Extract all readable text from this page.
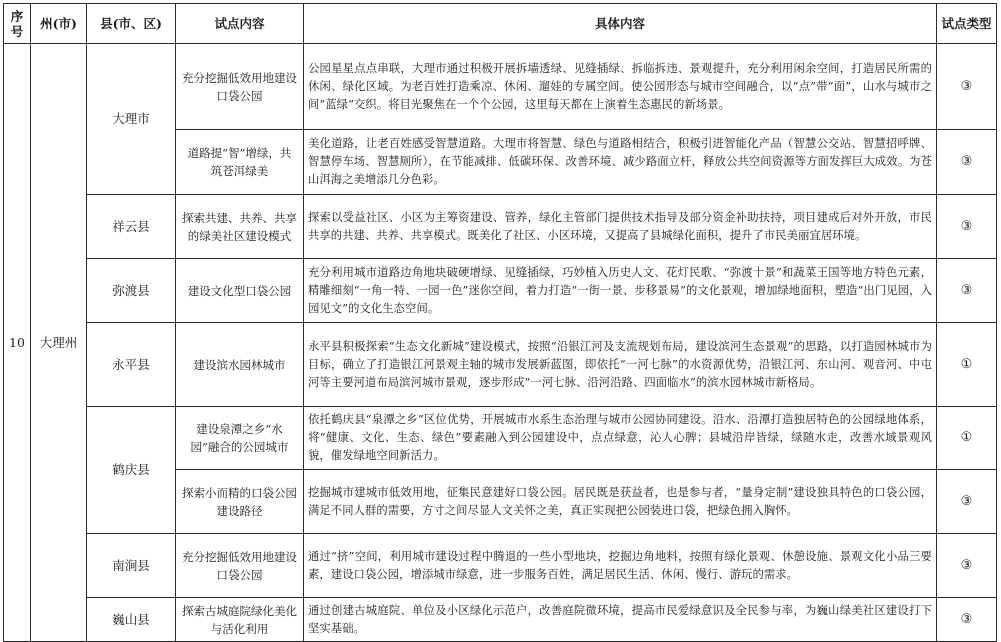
序号	州(市)	县(市、区)	试点内容	具体内容	试点类型
10	大理州	大理市	充分挖掘低效用地建设口袋公园	公园星星点点串联，大理市通过积极开展拆墙透绿、见缝插绿、拆临拆违、景观提升，充分利用闲余空间，打造居民所需的休闲、绿化区域。为老百姓打造乘凉、休闲、遛娃的专属空间。使公园形态与城市空间融合，以“点”带“面”，山水与城市之间“蓝绿”交织。将目光聚焦在一个个公园，这里每天都在上演着生态惠民的新场景。	③
			道路提“智”增绿，共筑苍洱绿美	美化道路，让老百姓感受智慧道路。大理市将智慧、绿色与道路相结合，积极引进智能化产品（智慧公交站、智慧招呼牌、智慧停车场、智慧厕所），在节能减排、低碳环保、改善环境、减少路面立杆，释放公共空间资源等方面发挥巨大成效。为苍山洱海之美增添几分色彩。	③
		祥云县	探索共建、共养、共享的绿美社区建设模式	探索以受益社区、小区为主筹资建设、管养，绿化主管部门提供技术指导及部分资金补助扶持，项目建成后对外开放，市民共享的共建、共养、共享模式。既美化了社区、小区环境，又提高了县城绿化面积，提升了市民美丽宜居环境。	③
		弥渡县	建设文化型口袋公园	充分利用城市道路边角地块破硬增绿、见缝插绿，巧妙植入历史人文、花灯民歌、“弥渡十景”和蔬菜王国等地方特色元素，精雕细刻“一角一特、一园一色”迷你空间，着力打造“一街一景、步移景易”的文化景观，增加绿地面积，塑造“出门见园，入园见文”的文化生态空间。	③
		永平县	建设滨水园林城市	永平县积极探索“生态文化新城”建设模式，按照“沿银江河及支流规划布局，建设滨河生态景观”的思路，以打造园林城市为目标，确立了打造银江河景观主轴的城市发展新蓝图，即依托“一河七脉”的水资源优势，沿银江河、东山河、观音河、中屯河等主要河道布局滨河城市景观，逐步形成“一河七脉、沿河沿路、四面临水”的滨水园林城市新格局。	①
		鹤庆县	建设泉潭之乡“水园”融合的公园城市	依托鹤庆县“泉潭之乡”区位优势，开展城市水系生态治理与城市公园协同建设。沿水、沿潭打造独居特色的公园绿地体系，将“健康、文化、生态、绿色”要素融入到公园建设中，点点绿意，沁人心脾；县城沿岸皆绿，绿随水走，改善水域景观风貌，催发绿地空间新活力。	①
			探索小而精的口袋公园建设路径	挖掘城市建城市低效用地，征集民意建好口袋公园。居民既是获益者，也是参与者，“量身定制”建设独具特色的口袋公园，满足不同人群的需要，方寸之间尽显人文关怀之美，真正实现把公园装进口袋，把绿色拥入胸怀。	③
		南涧县	充分挖掘低效用地建设口袋公园	通过“挤”空间，利用城市建设过程中腾退的一些小型地块，挖掘边角地料，按照有绿化景观、休憩设施、景观文化小品三要素，建设口袋公园，增添城市绿意，进一步服务百姓，满足居民生活、休闲、慢行、游玩的需求。	③
		巍山县	探索古城庭院绿化美化与活化利用	通过创建古城庭院、单位及小区绿化示范户，改善庭院微环境，提高市民爱绿意识及全民参与率，为巍山绿美社区建设打下坚实基础。	③
